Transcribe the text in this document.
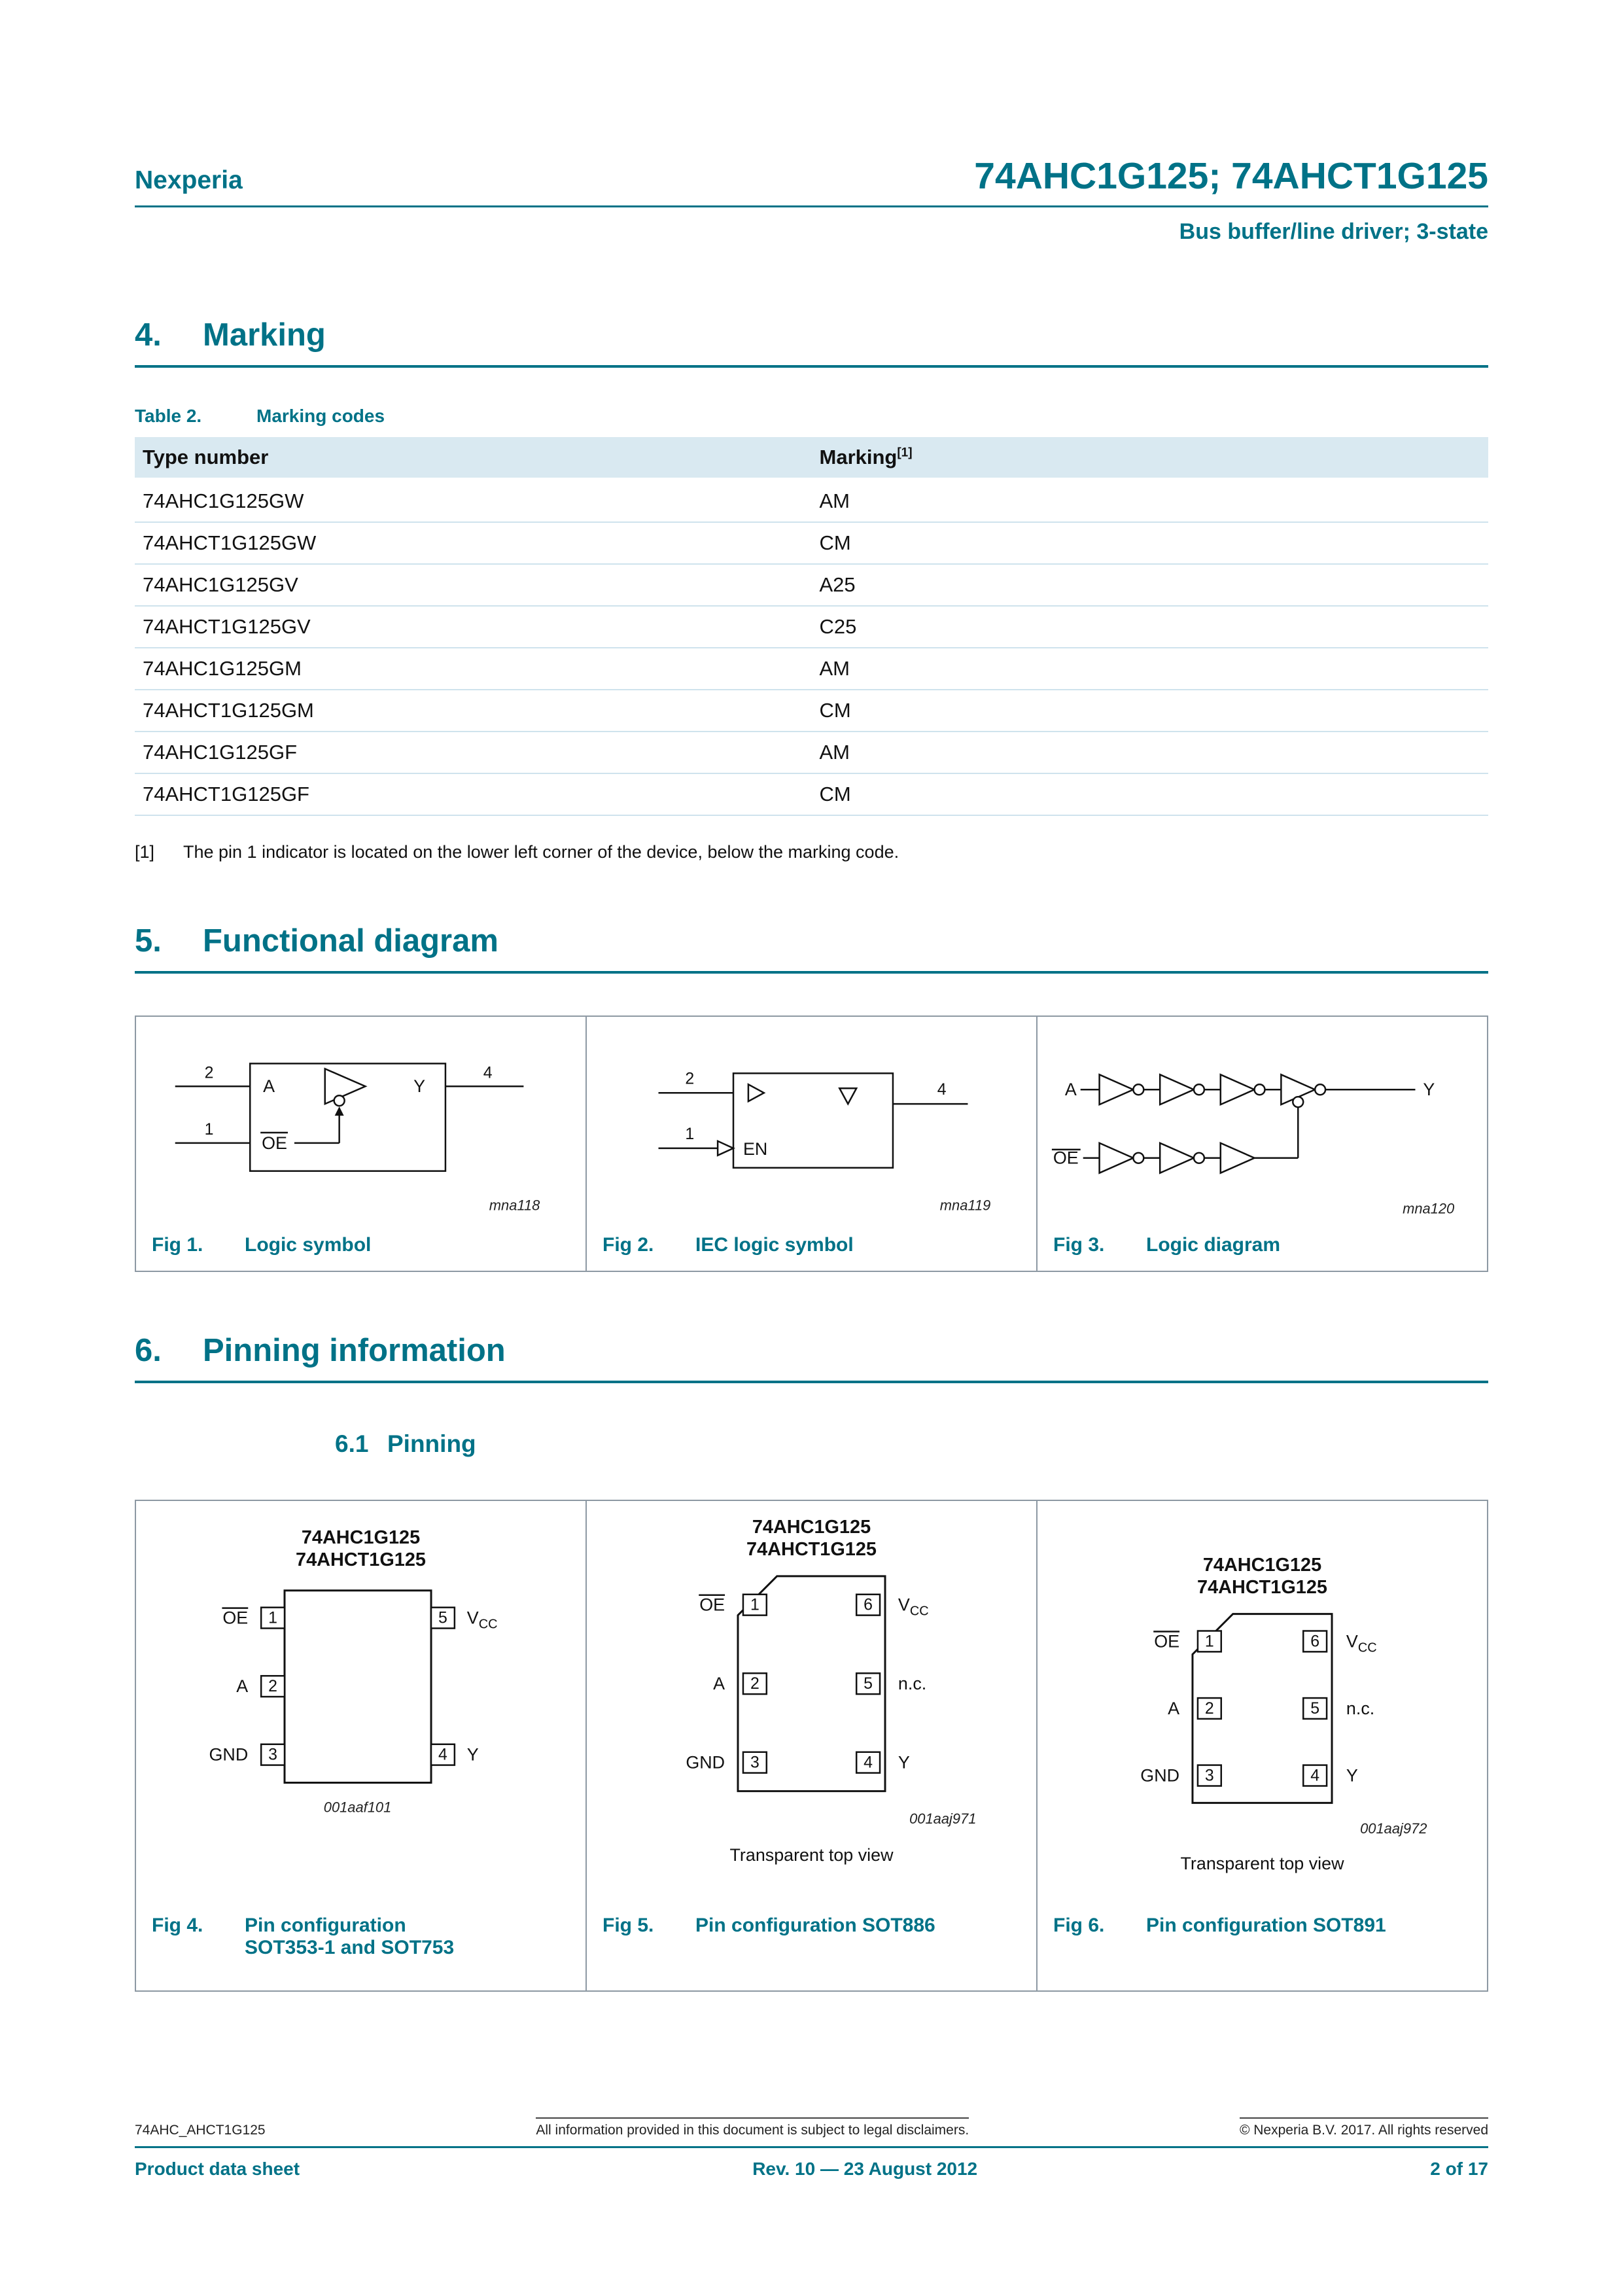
Nexperia	74AHC1G125; 74AHCT1G125
Bus buffer/line driver; 3-state
4.	Marking

Table 2.	Marking codes

Type number	Marking[1]
74AHC1G125GW	AM
74AHCT1G125GW	CM
74AHC1G125GV	A25
74AHCT1G125GV	C25
74AHC1G125GM	AM
74AHCT1G125GM	CM
74AHC1G125GF	AM
74AHCT1G125GF	CM

[1]	The pin 1 indicator is located on the lower left corner of the device, below the marking code.

5.	Functional diagram
2
A	Y
4
1
OE
mna118
Fig 1.	Logic symbol
2
1
EN
4
mna119
Fig 2.	IEC logic symbol
A	Y
OE
mna120
Fig 3.	Logic diagram
6.	Pinning information
6.1 Pinning
74AHC1G125
74AHCT1G125
1
2
3
5
4
OE
A
GND
$V_{CC}$
Y
001aaf101
Fig 4.	Pin configuration
SOT353-1 and SOT753
74AHC1G125
74AHCT1G125
1
2
3
6
5
4
OE
A
GND
$V_{CC}$
n.c.
Y
001aaj971
Transparent top view
Fig 5.	Pin configuration SOT886
74AHC1G125
74AHCT1G125
1
2
3
6
5
4
OE
A
GND
$V_{CC}$
n.c.
Y
001aaj972
Transparent top view
Fig 6.	Pin configuration SOT891
74AHC_AHCT1G125	All information provided in this document is subject to legal disclaimers.	© Nexperia B.V. 2017. All rights reserved
Product data sheet	Rev. 10 — 23 August 2012	2 of 17
